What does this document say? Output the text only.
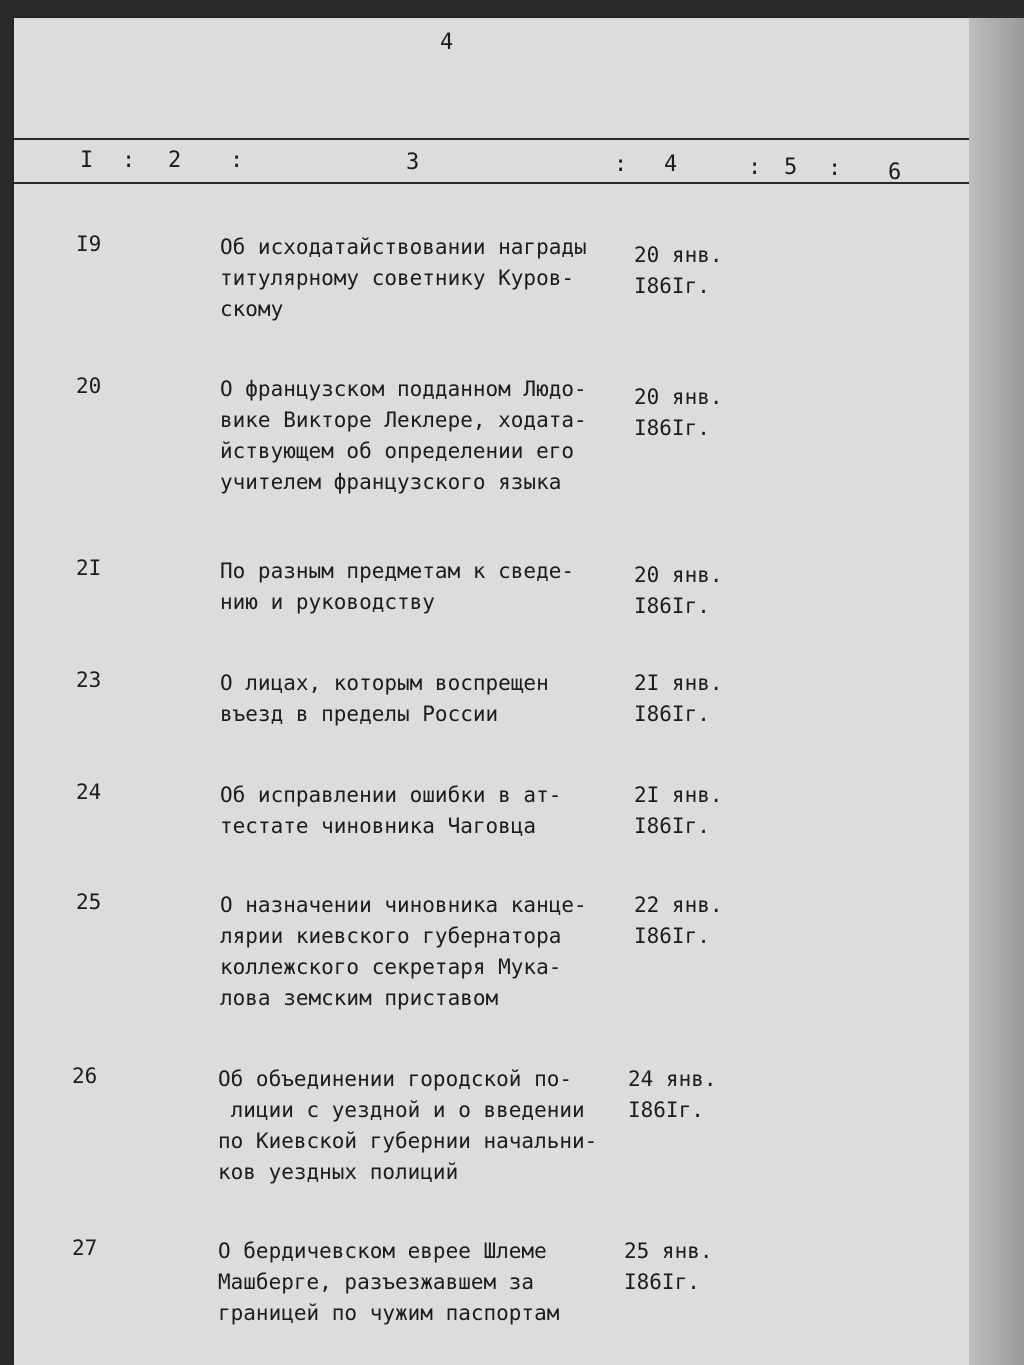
4
I : 2 :	3	: 4	: 5 : 6
I9	Об исходатайствовании награды
титулярному советнику Куров-
скому
20 янв.
I86Iг.
20	О французском подданном Людо-
вике Викторе Леклере, ходата-
йствующем об определении его
учителем французского языка
20 янв.
I86Iг.
2I	По разным предметам к сведе-
нию и руководству
20 янв.
I86Iг.
23	О лицах, которым воспрещен
въезд в пределы России
2I янв.
I86Iг.
24	Об исправлении ошибки в ат-
тестате чиновника Чаговца
2I янв.
I86Iг.
25	О назначении чиновника канце-
лярии киевского губернатора
коллежского секретаря Мука-
лова земским приставом
22 янв.
I86Iг.
26	Об объединении городской по-
лиции с уездной и о введении
по Киевской губернии начальни-
ков уездных полиций
24 янв.
I86Iг.
27	О бердичевском еврее Шлеме
Машберге, разъезжавшем за
границей по чужим паспортам
25 янв.
I86Iг.
